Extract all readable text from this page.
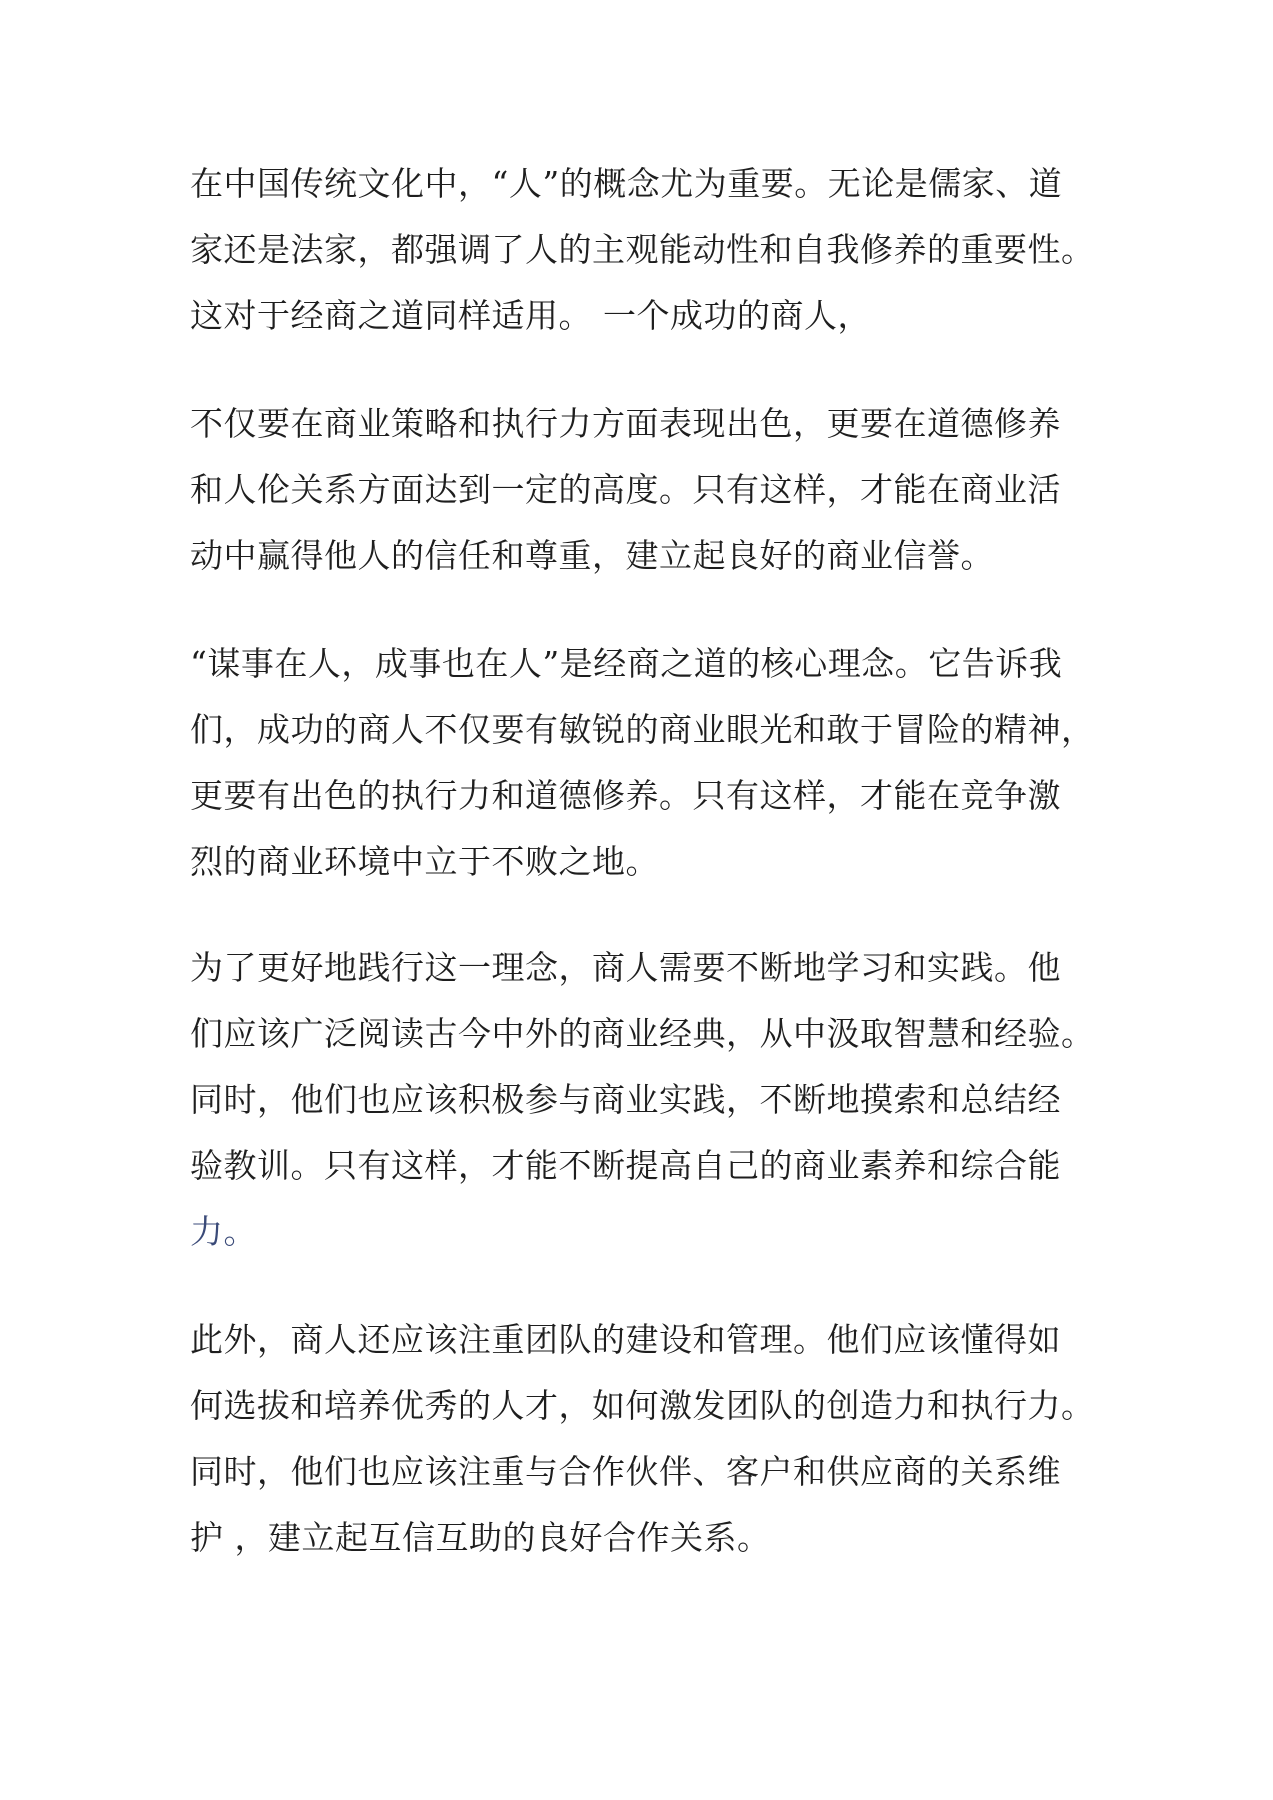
在中国传统文化中，“人”的概念尤为重要。无论是儒家、道
家还是法家，都强调了人的主观能动性和自我修养的重要性。
这对于经商之道同样适用。 一个成功的商人，
不仅要在商业策略和执行力方面表现出色，更要在道德修养
和人伦关系方面达到一定的高度。只有这样，才能在商业活
动中赢得他人的信任和尊重，建立起良好的商业信誉。
“谋事在人，成事也在人”是经商之道的核心理念。它告诉我
们，成功的商人不仅要有敏锐的商业眼光和敢于冒险的精神，
更要有出色的执行力和道德修养。只有这样，才能在竞争激
烈的商业环境中立于不败之地。
为了更好地践行这一理念，商人需要不断地学习和实践。他
们应该广泛阅读古今中外的商业经典，从中汲取智慧和经验。
同时，他们也应该积极参与商业实践，不断地摸索和总结经
验教训。只有这样，才能不断提高自己的商业素养和综合能
力。
此外，商人还应该注重团队的建设和管理。他们应该懂得如
何选拔和培养优秀的人才，如何激发团队的创造力和执行力。
同时，他们也应该注重与合作伙伴、客户和供应商的关系维
护 ，建立起互信互助的良好合作关系。
